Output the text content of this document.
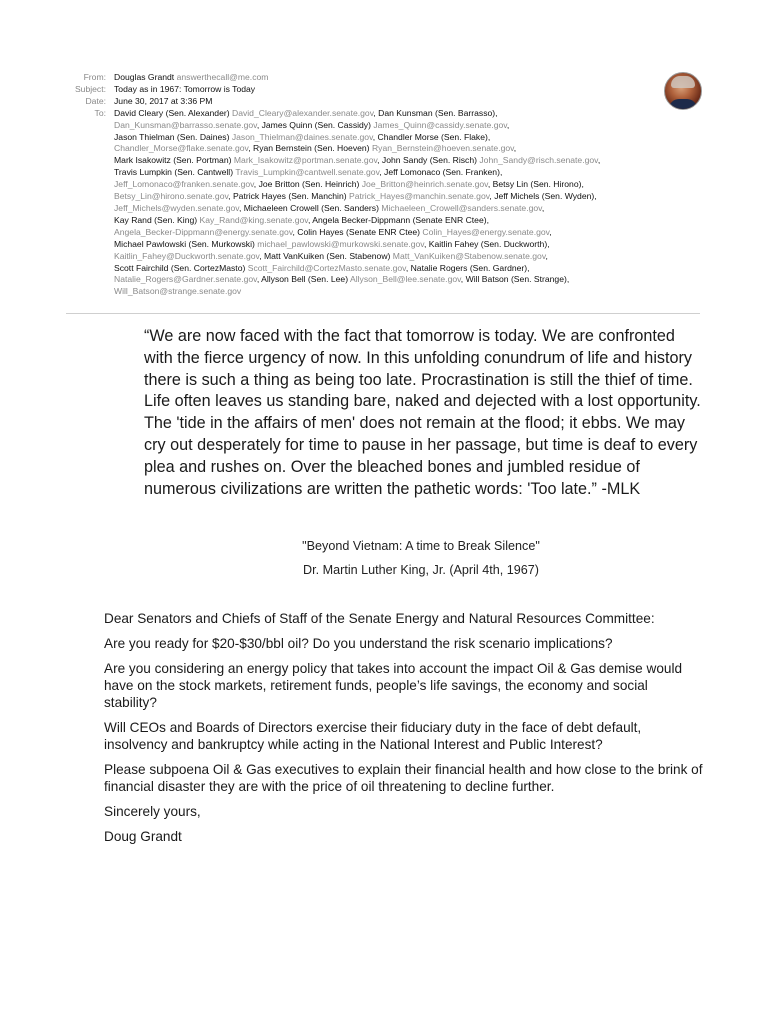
From: Douglas Grandt answerthecall@me.com
Subject: Today as in 1967: Tomorrow is Today
Date: June 30, 2017 at 3:36 PM
To: David Cleary (Sen. Alexander) David_Cleary@alexander.senate.gov, Dan Kunsman (Sen. Barrasso),
Dan_Kunsman@barrasso.senate.gov, James Quinn (Sen. Cassidy) James_Quinn@cassidy.senate.gov,
Jason Thielman (Sen. Daines) Jason_Thielman@daines.senate.gov, Chandler Morse (Sen. Flake),
Chandler_Morse@flake.senate.gov, Ryan Bernstein (Sen. Hoeven) Ryan_Bernstein@hoeven.senate.gov,
Mark Isakowitz (Sen. Portman) Mark_Isakowitz@portman.senate.gov, John Sandy (Sen. Risch) John_Sandy@risch.senate.gov,
Travis Lumpkin (Sen. Cantwell) Travis_Lumpkin@cantwell.senate.gov, Jeff Lomonaco (Sen. Franken),
Jeff_Lomonaco@franken.senate.gov, Joe Britton (Sen. Heinrich) Joe_Britton@heinrich.senate.gov, Betsy Lin (Sen. Hirono),
Betsy_Lin@hirono.senate.gov, Patrick Hayes (Sen. Manchin) Patrick_Hayes@manchin.senate.gov, Jeff Michels (Sen. Wyden),
Jeff_Michels@wyden.senate.gov, Michaeleen Crowell (Sen. Sanders) Michaeleen_Crowell@sanders.senate.gov,
Kay Rand (Sen. King) Kay_Rand@king.senate.gov, Angela Becker-Dippmann (Senate ENR Ctee),
Angela_Becker-Dippmann@energy.senate.gov, Colin Hayes (Senate ENR Ctee) Colin_Hayes@energy.senate.gov,
Michael Pawlowski (Sen. Murkowski) michael_pawlowski@murkowski.senate.gov, Kaitlin Fahey (Sen. Duckworth),
Kaitlin_Fahey@Duckworth.senate.gov, Matt VanKuiken (Sen. Stabenow) Matt_VanKuiken@Stabenow.senate.gov,
Scott Fairchild (Sen. CortezMasto) Scott_Fairchild@CortezMasto.senate.gov, Natalie Rogers (Sen. Gardner),
Natalie_Rogers@Gardner.senate.gov, Allyson Bell (Sen. Lee) Allyson_Bell@lee.senate.gov, Will Batson (Sen. Strange),
Will_Batson@strange.senate.gov
“We are now faced with the fact that tomorrow is today. We are confronted with the fierce urgency of now. In this unfolding conundrum of life and history there is such a thing as being too late. Procrastination is still the thief of time. Life often leaves us standing bare, naked and dejected with a lost opportunity. The 'tide in the affairs of men' does not remain at the flood; it ebbs. We may cry out desperately for time to pause in her passage, but time is deaf to every plea and rushes on. Over the bleached bones and jumbled residue of numerous civilizations are written the pathetic words: 'Too late.” -MLK
"Beyond Vietnam: A time to Break Silence"
Dr. Martin Luther King, Jr. (April 4th, 1967)

Dear Senators and Chiefs of Staff of the Senate Energy and Natural Resources Committee:

Are you ready for $20-$30/bbl oil? Do you understand the risk scenario implications?

Are you considering an energy policy that takes into account the impact Oil & Gas demise would have on the stock markets, retirement funds, people’s life savings, the economy and social stability?

Will CEOs and Boards of Directors exercise their fiduciary duty in the face of debt default, insolvency and bankruptcy while acting in the National Interest and Public Interest?

Please subpoena Oil & Gas executives to explain their financial health and how close to the brink of financial disaster they are with the price of oil threatening to decline further.

Sincerely yours,

Doug Grandt
